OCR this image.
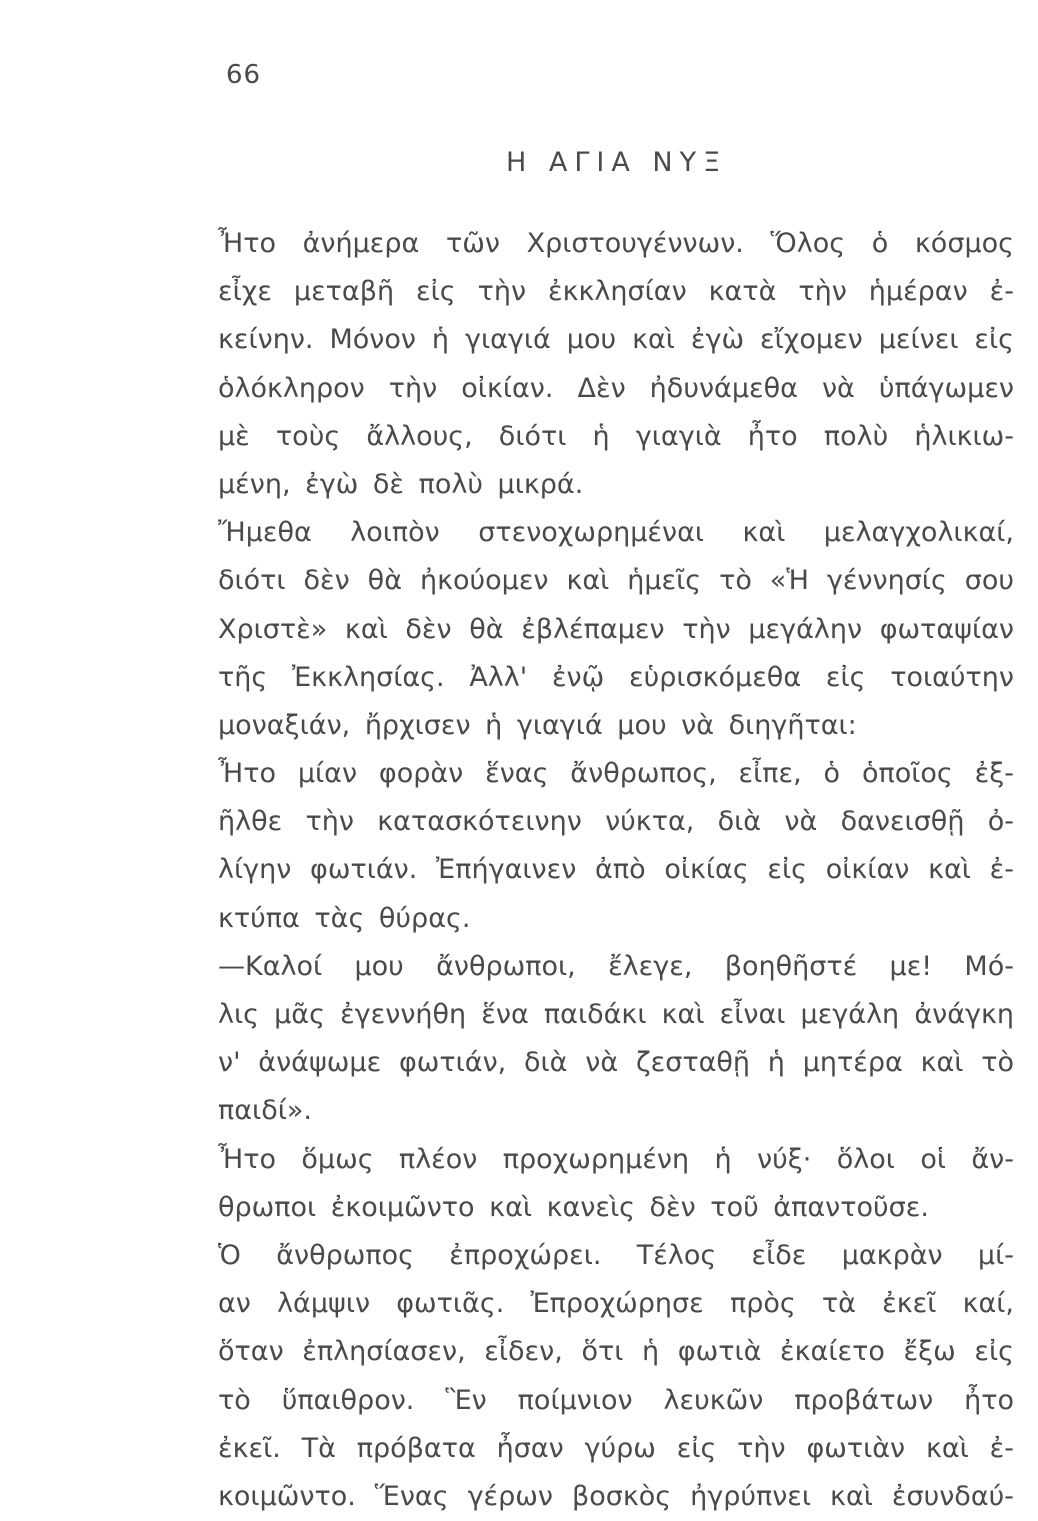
66
Η ΑΓΙΑ ΝΥΞ
Ἦτο ἀνήμερα τῶν Χριστουγέννων. Ὅλος ὁ κόσμος
εἶχε μεταβῆ εἰς τὴν ἐκκλησίαν κατὰ τὴν ἡμέραν ἐ-
κείνην. Μόνον ἡ γιαγιά μου καὶ ἐγὼ εἴχομεν μείνει εἰς
ὁλόκληρον τὴν οἰκίαν. Δὲν ἠδυνάμεθα νὰ ὑπάγωμεν
μὲ τοὺς ἄλλους, διότι ἡ γιαγιὰ ἦτο πολὺ ἡλικιω-
μένη, ἐγὼ δὲ πολὺ μικρά.
Ἤμεθα λοιπὸν στενοχωρημέναι καὶ μελαγχολικαί,
διότι δὲν θὰ ἠκούομεν καὶ ἡμεῖς τὸ «Ἡ γέννησίς σου
Χριστὲ» καὶ δὲν θὰ ἐβλέπαμεν τὴν μεγάλην φωταψίαν
τῆς Ἐκκλησίας. Ἀλλ' ἐνῷ εὑρισκόμεθα εἰς τοιαύτην
μοναξιάν, ἤρχισεν ἡ γιαγιά μου νὰ διηγῆται:
Ἦτο μίαν φορὰν ἕνας ἄνθρωπος, εἶπε, ὁ ὁποῖος ἐξ-
ῆλθε τὴν κατασκότεινην νύκτα, διὰ νὰ δανεισθῇ ὀ-
λίγην φωτιάν. Ἐπήγαινεν ἀπὸ οἰκίας εἰς οἰκίαν καὶ ἐ-
κτύπα τὰς θύρας.
—Καλοί μου ἄνθρωποι, ἔλεγε, βοηθῆστέ με! Μό-
λις μᾶς ἐγεννήθη ἕνα παιδάκι καὶ εἶναι μεγάλη ἀνάγκη
ν' ἀνάψωμε φωτιάν, διὰ νὰ ζεσταθῇ ἡ μητέρα καὶ τὸ
παιδί».
Ἦτο ὅμως πλέον προχωρημένη ἡ νύξ· ὅλοι οἱ ἄν-
θρωποι ἐκοιμῶντο καὶ κανεὶς δὲν τοῦ ἀπαντοῦσε.
Ὁ ἄνθρωπος ἐπροχώρει. Τέλος εἶδε μακρὰν μί-
αν λάμψιν φωτιᾶς. Ἐπροχώρησε πρὸς τὰ ἐκεῖ καί,
ὅταν ἐπλησίασεν, εἶδεν, ὅτι ἡ φωτιὰ ἐκαίετο ἔξω εἰς
τὸ ὕπαιθρον. Ἓν ποίμνιον λευκῶν προβάτων ἦτο
ἐκεῖ. Τὰ πρόβατα ἦσαν γύρω εἰς τὴν φωτιὰν καὶ ἐ-
κοιμῶντο. Ἕνας γέρων βοσκὸς ἠγρύπνει καὶ ἐσυνδαύ-
